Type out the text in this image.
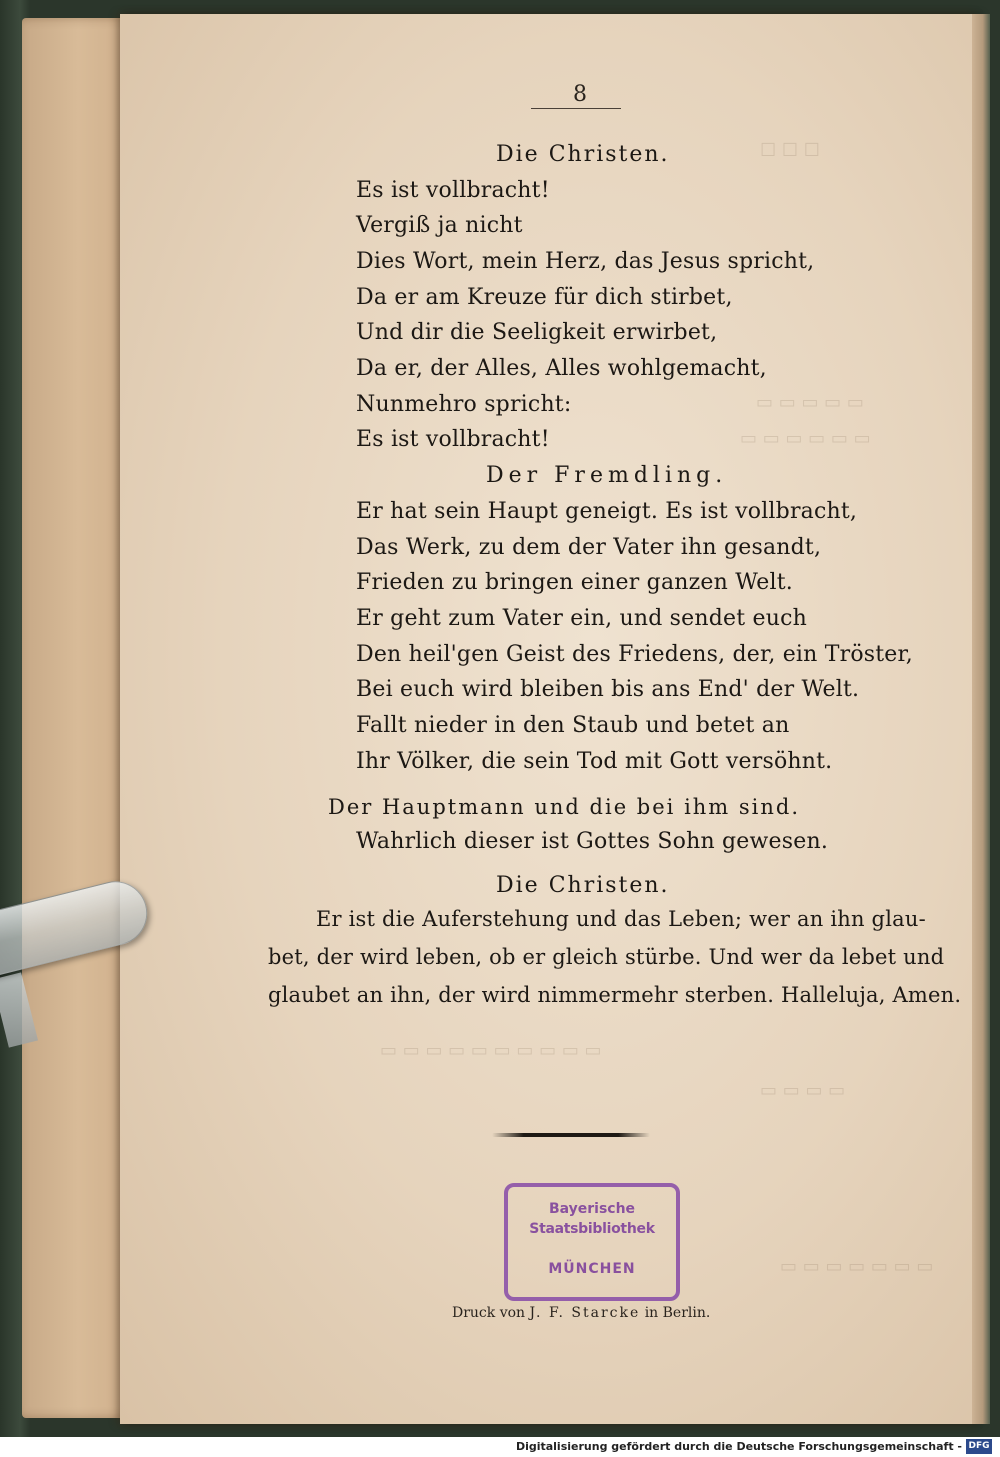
☐ ☐ ☐
▭ ▭ ▭ ▭ ▭
▭ ▭ ▭ ▭ ▭ ▭
▭ ▭ ▭ ▭ ▭ ▭ ▭ ▭ ▭ ▭
▭ ▭ ▭ ▭
▭ ▭ ▭ ▭ ▭ ▭ ▭
8
Die Christen.
Es ist vollbracht!
Vergiß ja nicht
Dies Wort, mein Herz, das Jesus spricht,
Da er am Kreuze für dich stirbet,
Und dir die Seeligkeit erwirbet,
Da er, der Alles, Alles wohlgemacht,
Nunmehro spricht:
Es ist vollbracht!
Der Fremdling.
Er hat sein Haupt geneigt. Es ist vollbracht,
Das Werk, zu dem der Vater ihn gesandt,
Frieden zu bringen einer ganzen Welt.
Er geht zum Vater ein, und sendet euch
Den heil'gen Geist des Friedens, der, ein Tröster,
Bei euch wird bleiben bis ans End' der Welt.
Fallt nieder in den Staub und betet an
Ihr Völker, die sein Tod mit Gott versöhnt.
Der Hauptmann und die bei ihm sind.
Wahrlich dieser ist Gottes Sohn gewesen.
Die Christen.
Er ist die Auferstehung und das Leben; wer an ihn glau-
bet, der wird leben, ob er gleich stürbe. Und wer da lebet und
glaubet an ihn, der wird nimmermehr sterben. Halleluja, Amen.
Bayerische
Staatsbibliothek
MÜNCHEN
Druck von J. F. Starcke in Berlin.
Digitalisierung gefördert durch die Deutsche Forschungsgemeinschaft - DFG
